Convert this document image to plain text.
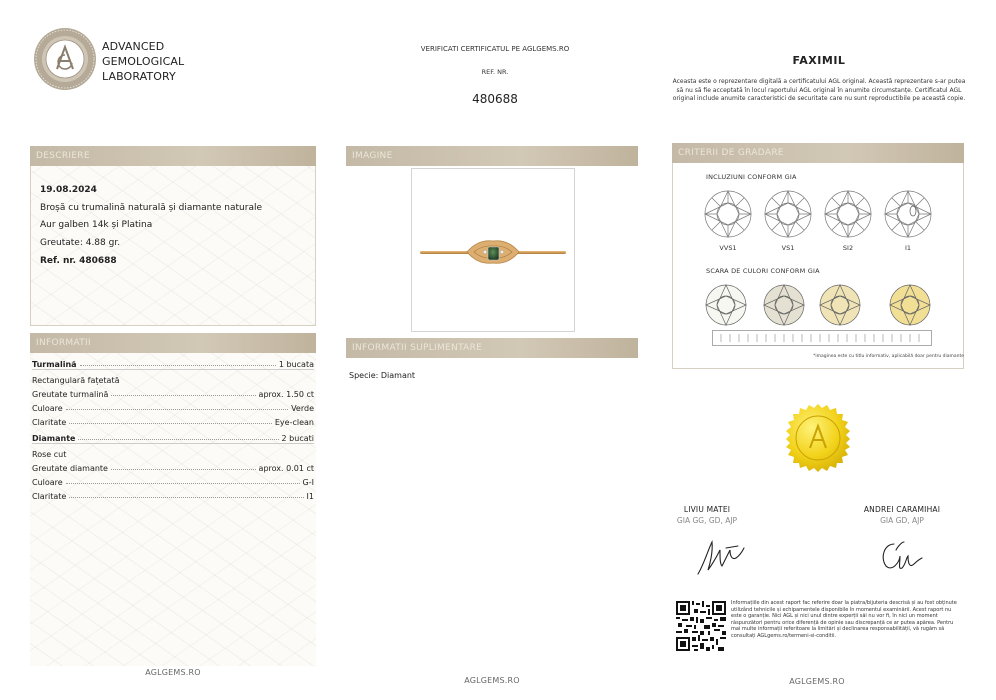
ADVANCED
GEMOLOGICAL
LABORATORY
VERIFICATI CERTIFICATUL PE AGLGEMS.RO
REF. NR.
480688
FAXIMIL
Aceasta este o reprezentare digitală a certificatului AGL original. Această reprezentare s-ar putea să nu să fie acceptată în locul raportului AGL original în anumite circumstanțe. Certificatul AGL original include anumite caracteristici de securitate care nu sunt reproductibile pe această copie.
DESCRIERE
19.08.2024
Broșă cu trumalină naturală și diamante naturale
Aur galben 14k și Platina
Greutate: 4.88 gr.
Ref. nr. 480688
INFORMATII
Turmalină	1 bucata
Rectangulară fațetată
Greutate turmalină	aprox. 1.50 ct
Culoare	Verde
Claritate	Eye-clean
Diamante	2 bucati
Rose cut
Greutate diamante	aprox. 0.01 ct
Culoare	G-I
Claritate	I1
AGLGEMS.RO
IMAGINE
INFORMATII SUPLIMENTARE
Specie: Diamant
AGLGEMS.RO
CRITERII DE GRADARE
INCLUZIUNI CONFORM GIA
VVS1	VS1	SI2	I1
SCARA DE CULORI CONFORM GIA
*imaginea este cu titlu informativ, aplicabilă doar pentru diamante
LIVIU MATEI
GIA GG, GD, AJP
ANDREI CARAMIHAI
GIA GD, AJP
Informațiile din acest raport fac referire doar la piatra/bijuteria descrisă și au fost obținute utilizând tehnicile și echipamentele disponibile în momentul examinării. Acest raport nu este o garanție. Nici AGL și nici unul dintre experții săi nu vor fi, în nici un moment răspunzători pentru orice diferență de opinie sau discrepanță ce ar putea apărea. Pentru mai multe informații referitoare la limitări și declinarea responsabilității, vă rugăm să consultați AGLgems.ro/termeni-si-conditii.
AGLGEMS.RO
